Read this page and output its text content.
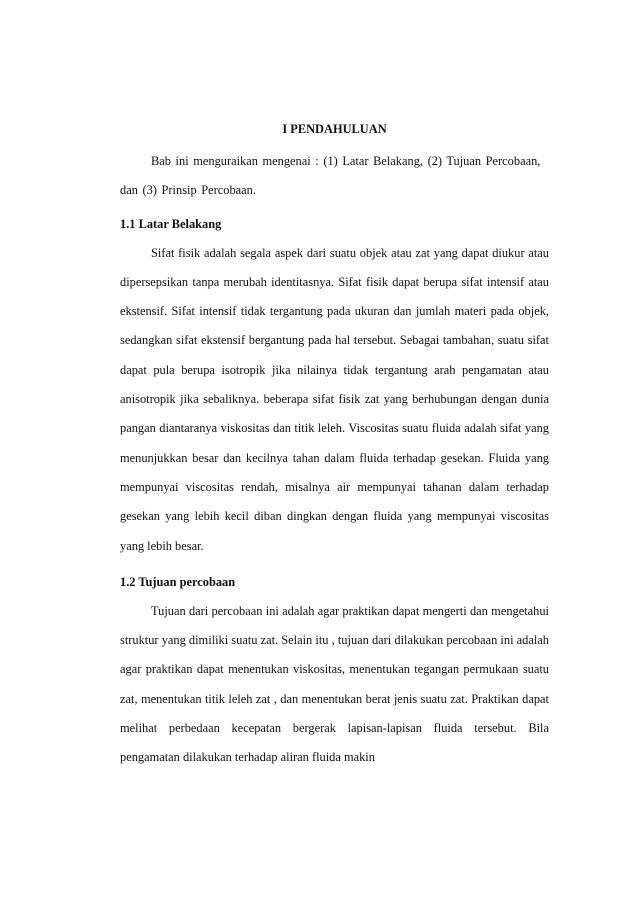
I PENDAHULUAN

Bab ini menguraikan mengenai : (1) Latar Belakang, (2) Tujuan Percobaan, dan (3) Prinsip Percobaan.

1.1 Latar Belakang

Sifat fisik adalah segala aspek dari suatu objek atau zat yang dapat diukur atau dipersepsikan tanpa merubah identitasnya. Sifat fisik dapat berupa sifat intensif atau ekstensif. Sifat intensif tidak tergantung pada ukuran dan jumlah materi pada objek, sedangkan sifat ekstensif bergantung pada hal tersebut. Sebagai tambahan, suatu sifat dapat pula berupa isotropik jika nilainya tidak tergantung arah pengamatan atau anisotropik jika sebaliknya. beberapa sifat fisik zat yang berhubungan dengan dunia pangan diantaranya viskositas dan titik leleh. Viscositas suatu fluida adalah sifat yang menunjukkan besar dan kecilnya tahan dalam fluida terhadap gesekan. Fluida yang mempunyai viscositas rendah, misalnya air mempunyai tahanan dalam terhadap gesekan yang lebih kecil diban dingkan dengan fluida yang mempunyai viscositas yang lebih besar.

1.2 Tujuan percobaan

Tujuan dari percobaan ini adalah agar praktikan dapat mengerti dan mengetahui struktur yang dimiliki suatu zat. Selain itu , tujuan dari dilakukan percobaan ini adalah agar praktikan dapat menentukan viskositas, menentukan tegangan permukaan suatu zat, menentukan titik leleh zat , dan menentukan berat jenis suatu zat. Praktikan dapat melihat perbedaan kecepatan bergerak lapisan-lapisan fluida tersebut. Bila pengamatan dilakukan terhadap aliran fluida makin
